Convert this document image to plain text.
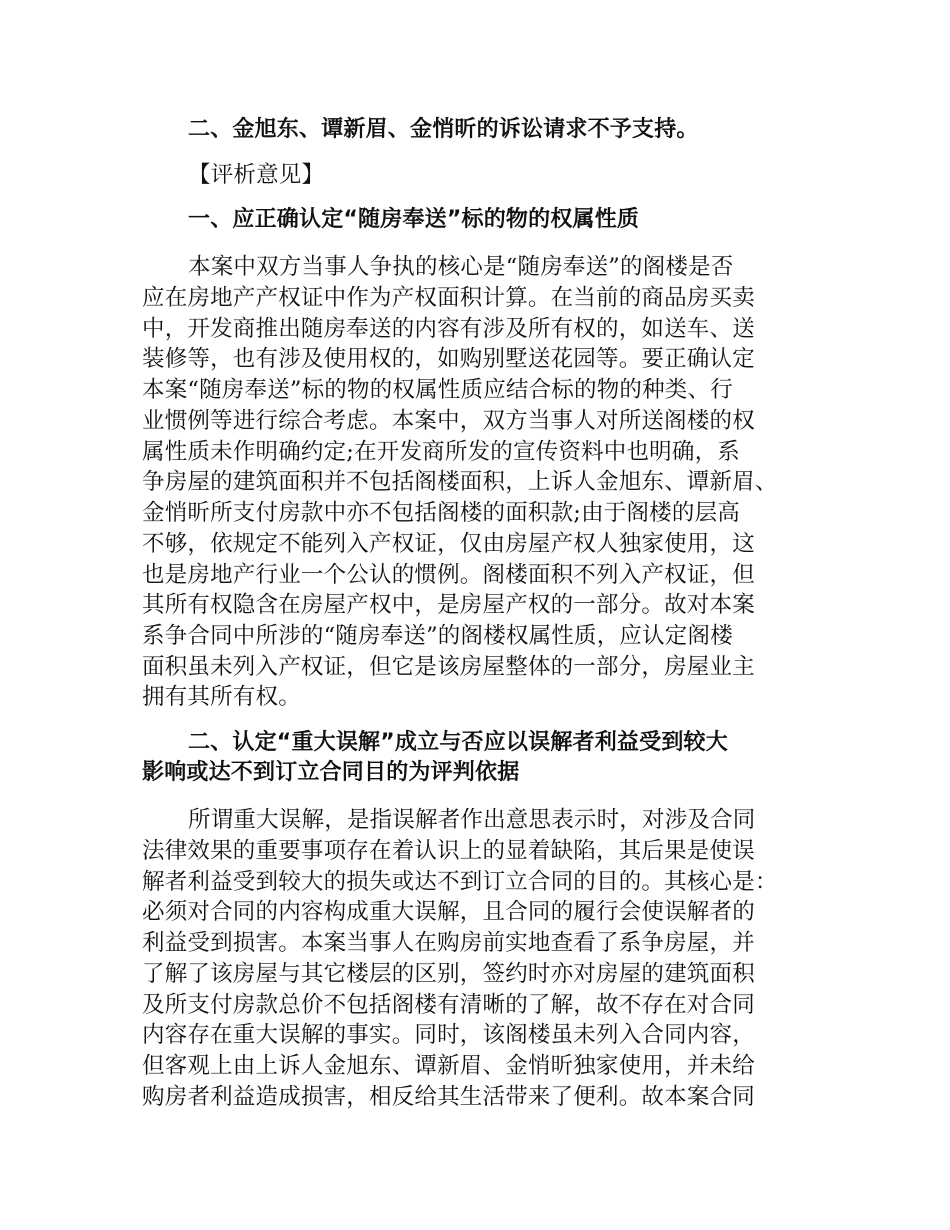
二、金旭东、谭新眉、金悄昕的诉讼请求不予支持。
【评析意见】
一、应正确认定“随房奉送”标的物的权属性质
本案中双方当事人争执的核心是“随房奉送”的阁楼是否
应在房地产产权证中作为产权面积计算。在当前的商品房买卖
中，开发商推出随房奉送的内容有涉及所有权的，如送车、送
装修等，也有涉及使用权的，如购别墅送花园等。要正确认定
本案“随房奉送”标的物的权属性质应结合标的物的种类、行
业惯例等进行综合考虑。本案中，双方当事人对所送阁楼的权
属性质未作明确约定;在开发商所发的宣传资料中也明确，系
争房屋的建筑面积并不包括阁楼面积，上诉人金旭东、谭新眉、
金悄昕所支付房款中亦不包括阁楼的面积款;由于阁楼的层高
不够，依规定不能列入产权证，仅由房屋产权人独家使用，这
也是房地产行业一个公认的惯例。阁楼面积不列入产权证，但
其所有权隐含在房屋产权中，是房屋产权的一部分。故对本案
系争合同中所涉的“随房奉送”的阁楼权属性质，应认定阁楼
面积虽未列入产权证，但它是该房屋整体的一部分，房屋业主
拥有其所有权。
二、认定“重大误解”成立与否应以误解者利益受到较大
影响或达不到订立合同目的为评判依据
所谓重大误解，是指误解者作出意思表示时，对涉及合同
法律效果的重要事项存在着认识上的显着缺陷，其后果是使误
解者利益受到较大的损失或达不到订立合同的目的。其核心是：
必须对合同的内容构成重大误解，且合同的履行会使误解者的
利益受到损害。本案当事人在购房前实地查看了系争房屋，并
了解了该房屋与其它楼层的区别，签约时亦对房屋的建筑面积
及所支付房款总价不包括阁楼有清晰的了解，故不存在对合同
内容存在重大误解的事实。同时，该阁楼虽未列入合同内容，
但客观上由上诉人金旭东、谭新眉、金悄昕独家使用，并未给
购房者利益造成损害，相反给其生活带来了便利。故本案合同
